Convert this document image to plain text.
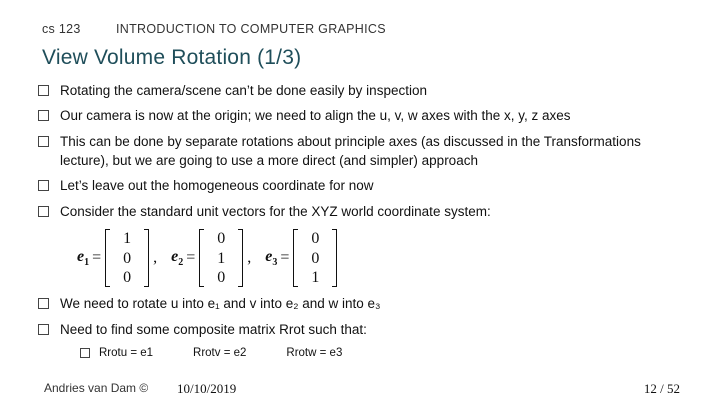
cs 123	INTRODUCTION TO COMPUTER GRAPHICS
View Volume Rotation (1/3)
Rotating the camera/scene can’t be done easily by inspection
Our camera is now at the origin; we need to align the u, v, w axes with the x, y, z axes
This can be done by separate rotations about principle axes (as discussed in the Transformations lecture), but we are going to use a more direct (and simpler) approach
Let’s leave out the homogeneous coordinate for now
Consider the standard unit vectors for the XYZ world coordinate system:
$e_1$ =
1
0
0
, $e_2$ =
0
1
0
, $e_3$ =
0
0
1
We need to rotate u into e₁ and v into e₂ and w into e₃
Need to find some composite matrix Rrot such that:
Rrotu = e1	Rrotv = e2	Rrotw = e3
Andries van Dam © 10/10/2019	12 / 52
